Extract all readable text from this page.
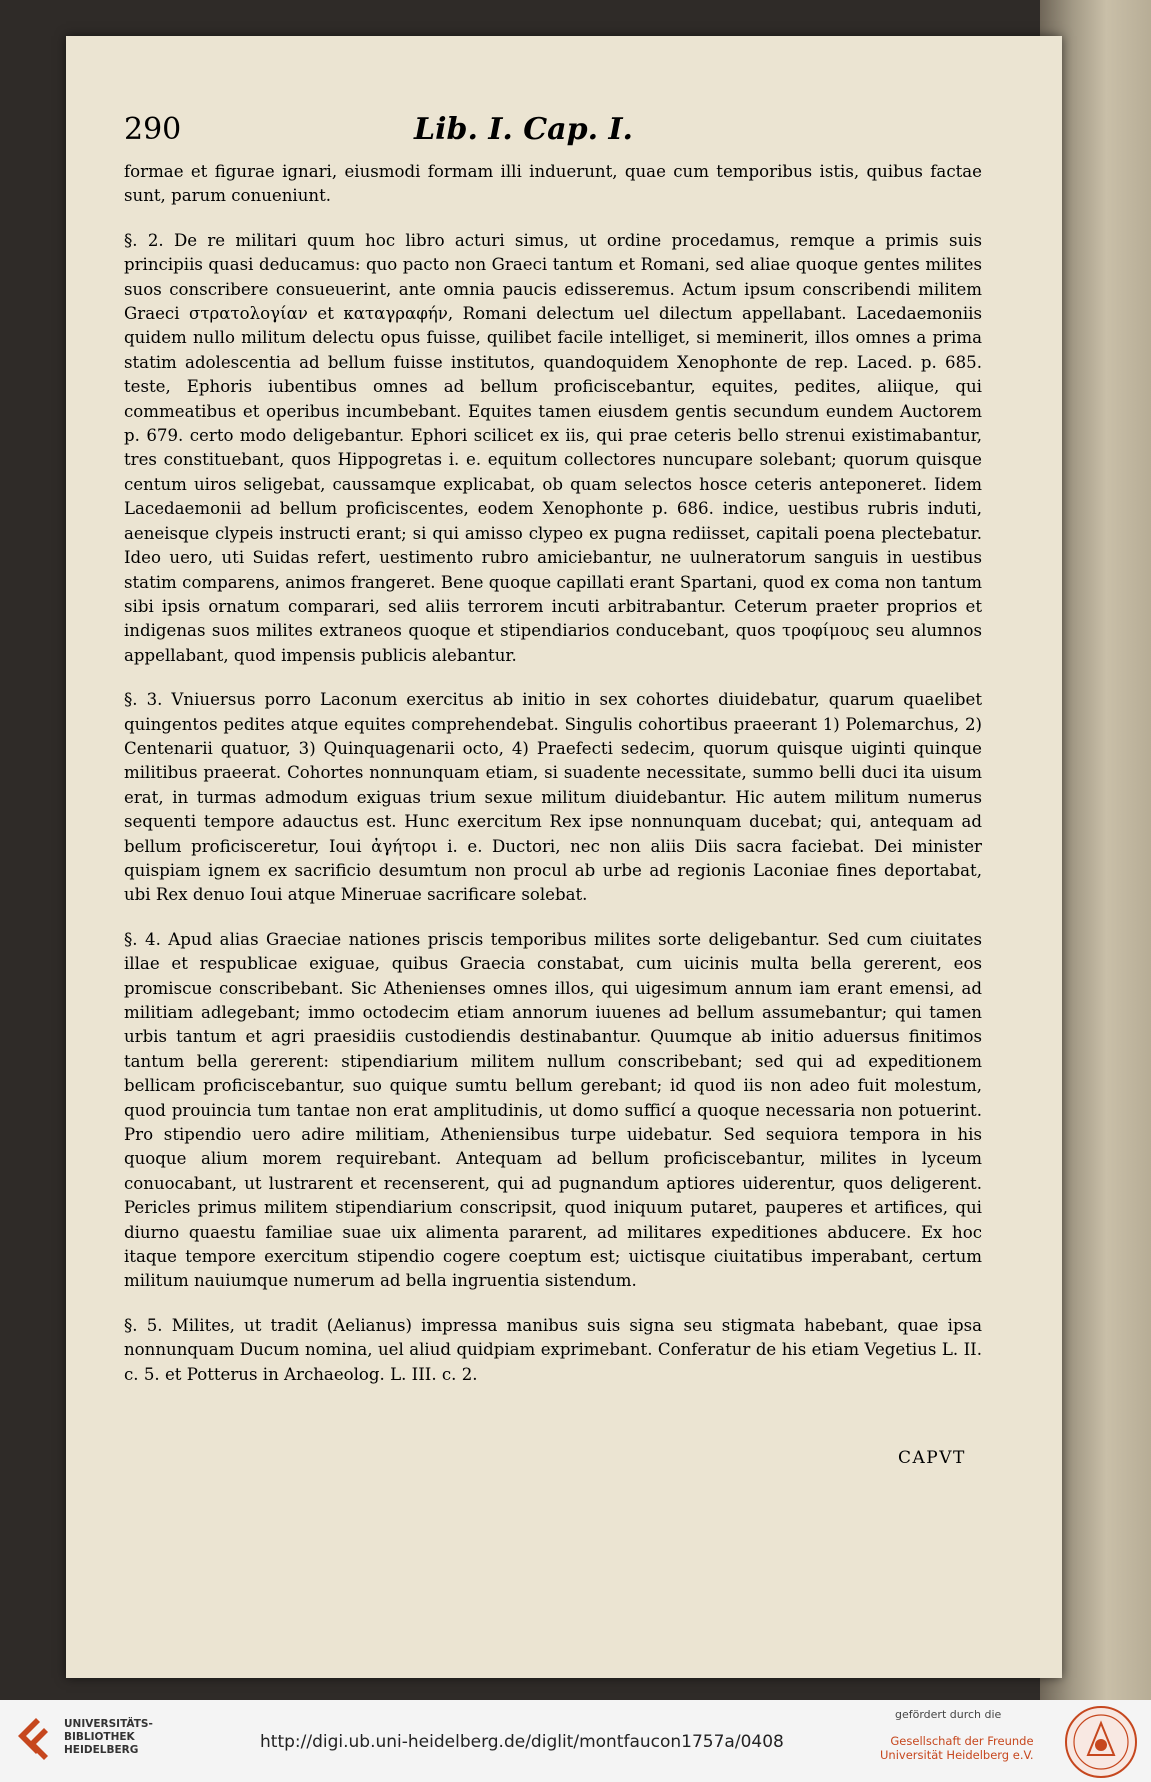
290	Lib. I. Cap. I.

formae et figurae ignari, eiusmodi formam illi induerunt, quae cum temporibus istis, quibus factae sunt, parum conueniunt.

§. 2. De re militari quum hoc libro acturi simus, ut ordine procedamus, remque a primis suis principiis quasi deducamus: quo pacto non Graeci tantum et Romani, sed aliae quoque gentes milites suos conscribere consueuerint, ante omnia paucis edisseremus. Actum ipsum conscribendi militem Graeci στρατολογίαν et καταγραφήν, Romani delectum uel dilectum appellabant. Lacedaemoniis quidem nullo militum delectu opus fuisse, quilibet facile intelliget, si meminerit, illos omnes a prima statim adolescentia ad bellum fuisse institutos, quandoquidem Xenophonte de rep. Laced. p. 685. teste, Ephoris iubentibus omnes ad bellum proficiscebantur, equites, pedites, aliique, qui commeatibus et operibus incumbebant. Equites tamen eiusdem gentis secundum eundem Auctorem p. 679. certo modo deligebantur. Ephori scilicet ex iis, qui prae ceteris bello strenui existimabantur, tres constituebant, quos Hippogretas i. e. equitum collectores nuncupare solebant; quorum quisque centum uiros seligebat, caussamque explicabat, ob quam selectos hosce ceteris anteponeret. Iidem Lacedaemonii ad bellum proficiscentes, eodem Xenophonte p. 686. indice, uestibus rubris induti, aeneisque clypeis instructi erant; si qui amisso clypeo ex pugna rediisset, capitali poena plectebatur. Ideo uero, uti Suidas refert, uestimento rubro amiciebantur, ne uulneratorum sanguis in uestibus statim comparens, animos frangeret. Bene quoque capillati erant Spartani, quod ex coma non tantum sibi ipsis ornatum comparari, sed aliis terrorem incuti arbitrabantur. Ceterum praeter proprios et indigenas suos milites extraneos quoque et stipendiarios conducebant, quos τροφίμους seu alumnos appellabant, quod impensis publicis alebantur.

§. 3. Vniuersus porro Laconum exercitus ab initio in sex cohortes diuidebatur, quarum quaelibet quingentos pedites atque equites comprehendebat. Singulis cohortibus praeerant 1) Polemarchus, 2) Centenarii quatuor, 3) Quinquagenarii octo, 4) Praefecti sedecim, quorum quisque uiginti quinque militibus praeerat. Cohortes nonnunquam etiam, si suadente necessitate, summo belli duci ita uisum erat, in turmas admodum exiguas trium sexue militum diuidebantur. Hic autem militum numerus sequenti tempore adauctus est. Hunc exercitum Rex ipse nonnunquam ducebat; qui, antequam ad bellum proficisceretur, Ioui ἀγήτορι i. e. Ductori, nec non aliis Diis sacra faciebat. Dei minister quispiam ignem ex sacrificio desumtum non procul ab urbe ad regionis Laconiae fines deportabat, ubi Rex denuo Ioui atque Mineruae sacrificare solebat.

§. 4. Apud alias Graeciae nationes priscis temporibus milites sorte deligebantur. Sed cum ciuitates illae et respublicae exiguae, quibus Graecia constabat, cum uicinis multa bella gererent, eos promiscue conscribebant. Sic Athenienses omnes illos, qui uigesimum annum iam erant emensi, ad militiam adlegebant; immo octodecim etiam annorum iuuenes ad bellum assumebantur; qui tamen urbis tantum et agri praesidiis custodiendis destinabantur. Quumque ab initio aduersus finitimos tantum bella gererent: stipendiarium militem nullum conscribebant; sed qui ad expeditionem bellicam proficiscebantur, suo quique sumtu bellum gerebant; id quod iis non adeo fuit molestum, quod prouincia tum tantae non erat amplitudinis, ut domo sufficí a quoque necessaria non potuerint. Pro stipendio uero adire militiam, Atheniensibus turpe uidebatur. Sed sequiora tempora in his quoque alium morem requirebant. Antequam ad bellum proficiscebantur, milites in lyceum conuocabant, ut lustrarent et recenserent, qui ad pugnandum aptiores uiderentur, quos deligerent. Pericles primus militem stipendiarium conscripsit, quod iniquum putaret, pauperes et artifices, qui diurno quaestu familiae suae uix alimenta pararent, ad militares expeditiones abducere. Ex hoc itaque tempore exercitum stipendio cogere coeptum est; uictisque ciuitatibus imperabant, certum militum nauiumque numerum ad bella ingruentia sistendum.

§. 5. Milites, ut tradit (Aelianus) impressa manibus suis signa seu stigmata habebant, quae ipsa nonnunquam Ducum nomina, uel aliud quidpiam exprimebant. Conferatur de his etiam Vegetius L. II. c. 5. et Potterus in Archaeolog. L. III. c. 2.

CAPVT
UNIVERSITÄTS-
BIBLIOTHEK
HEIDELBERG	http://digi.ub.uni-heidelberg.de/diglit/montfaucon1757a/0408
gefördert durch die
Gesellschaft der Freunde
Universität Heidelberg e.V.
